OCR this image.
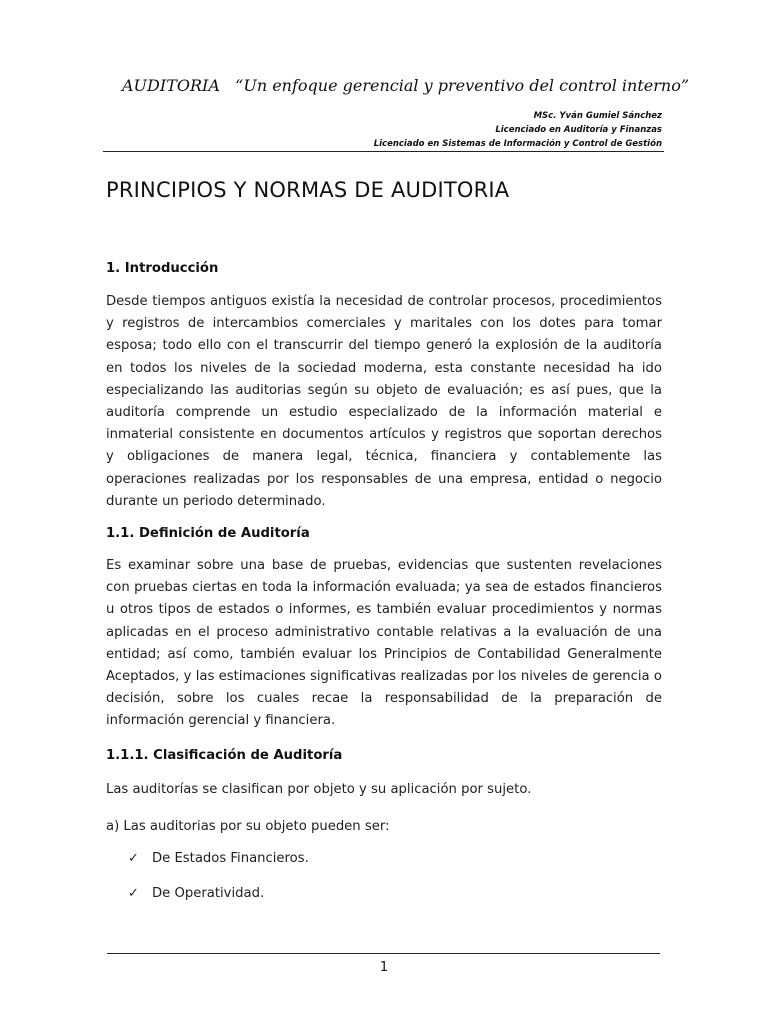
AUDITORIA   “Un enfoque gerencial y preventivo del control interno”
MSc. Yván Gumiel Sánchez
Licenciado en Auditoría y Finanzas
Licenciado en Sistemas de Información y Control de Gestión
PRINCIPIOS Y NORMAS DE AUDITORIA
1. Introducción
Desde tiempos antiguos existía la necesidad de controlar procesos, procedimientos y registros de intercambios comerciales y maritales con los dotes para tomar esposa; todo ello con el transcurrir del tiempo generó la explosión de la auditoría en todos los niveles de la sociedad moderna, esta constante necesidad ha ido especializando las auditorias según su objeto de evaluación; es así pues, que la auditoría comprende un estudio especializado de la información material e inmaterial consistente en documentos artículos y registros que soportan derechos y obligaciones de manera legal, técnica, financiera y contablemente las operaciones realizadas por los responsables de una empresa, entidad o negocio durante un periodo determinado.
1.1. Definición de Auditoría
Es examinar sobre una base de pruebas, evidencias que sustenten revelaciones con pruebas ciertas en toda la información evaluada; ya sea de estados financieros u otros tipos de estados o informes, es también evaluar procedimientos y normas aplicadas en el proceso administrativo contable relativas a la evaluación de una entidad; así como, también evaluar los Principios de Contabilidad Generalmente Aceptados, y las estimaciones significativas realizadas por los niveles de gerencia o decisión, sobre los cuales recae la responsabilidad de la preparación de información gerencial y financiera.
1.1.1. Clasificación de Auditoría
Las auditorías se clasifican por objeto y su aplicación por sujeto.
a) Las auditorias por su objeto pueden ser:
✓ De Estados Financieros.
✓ De Operatividad.
1
